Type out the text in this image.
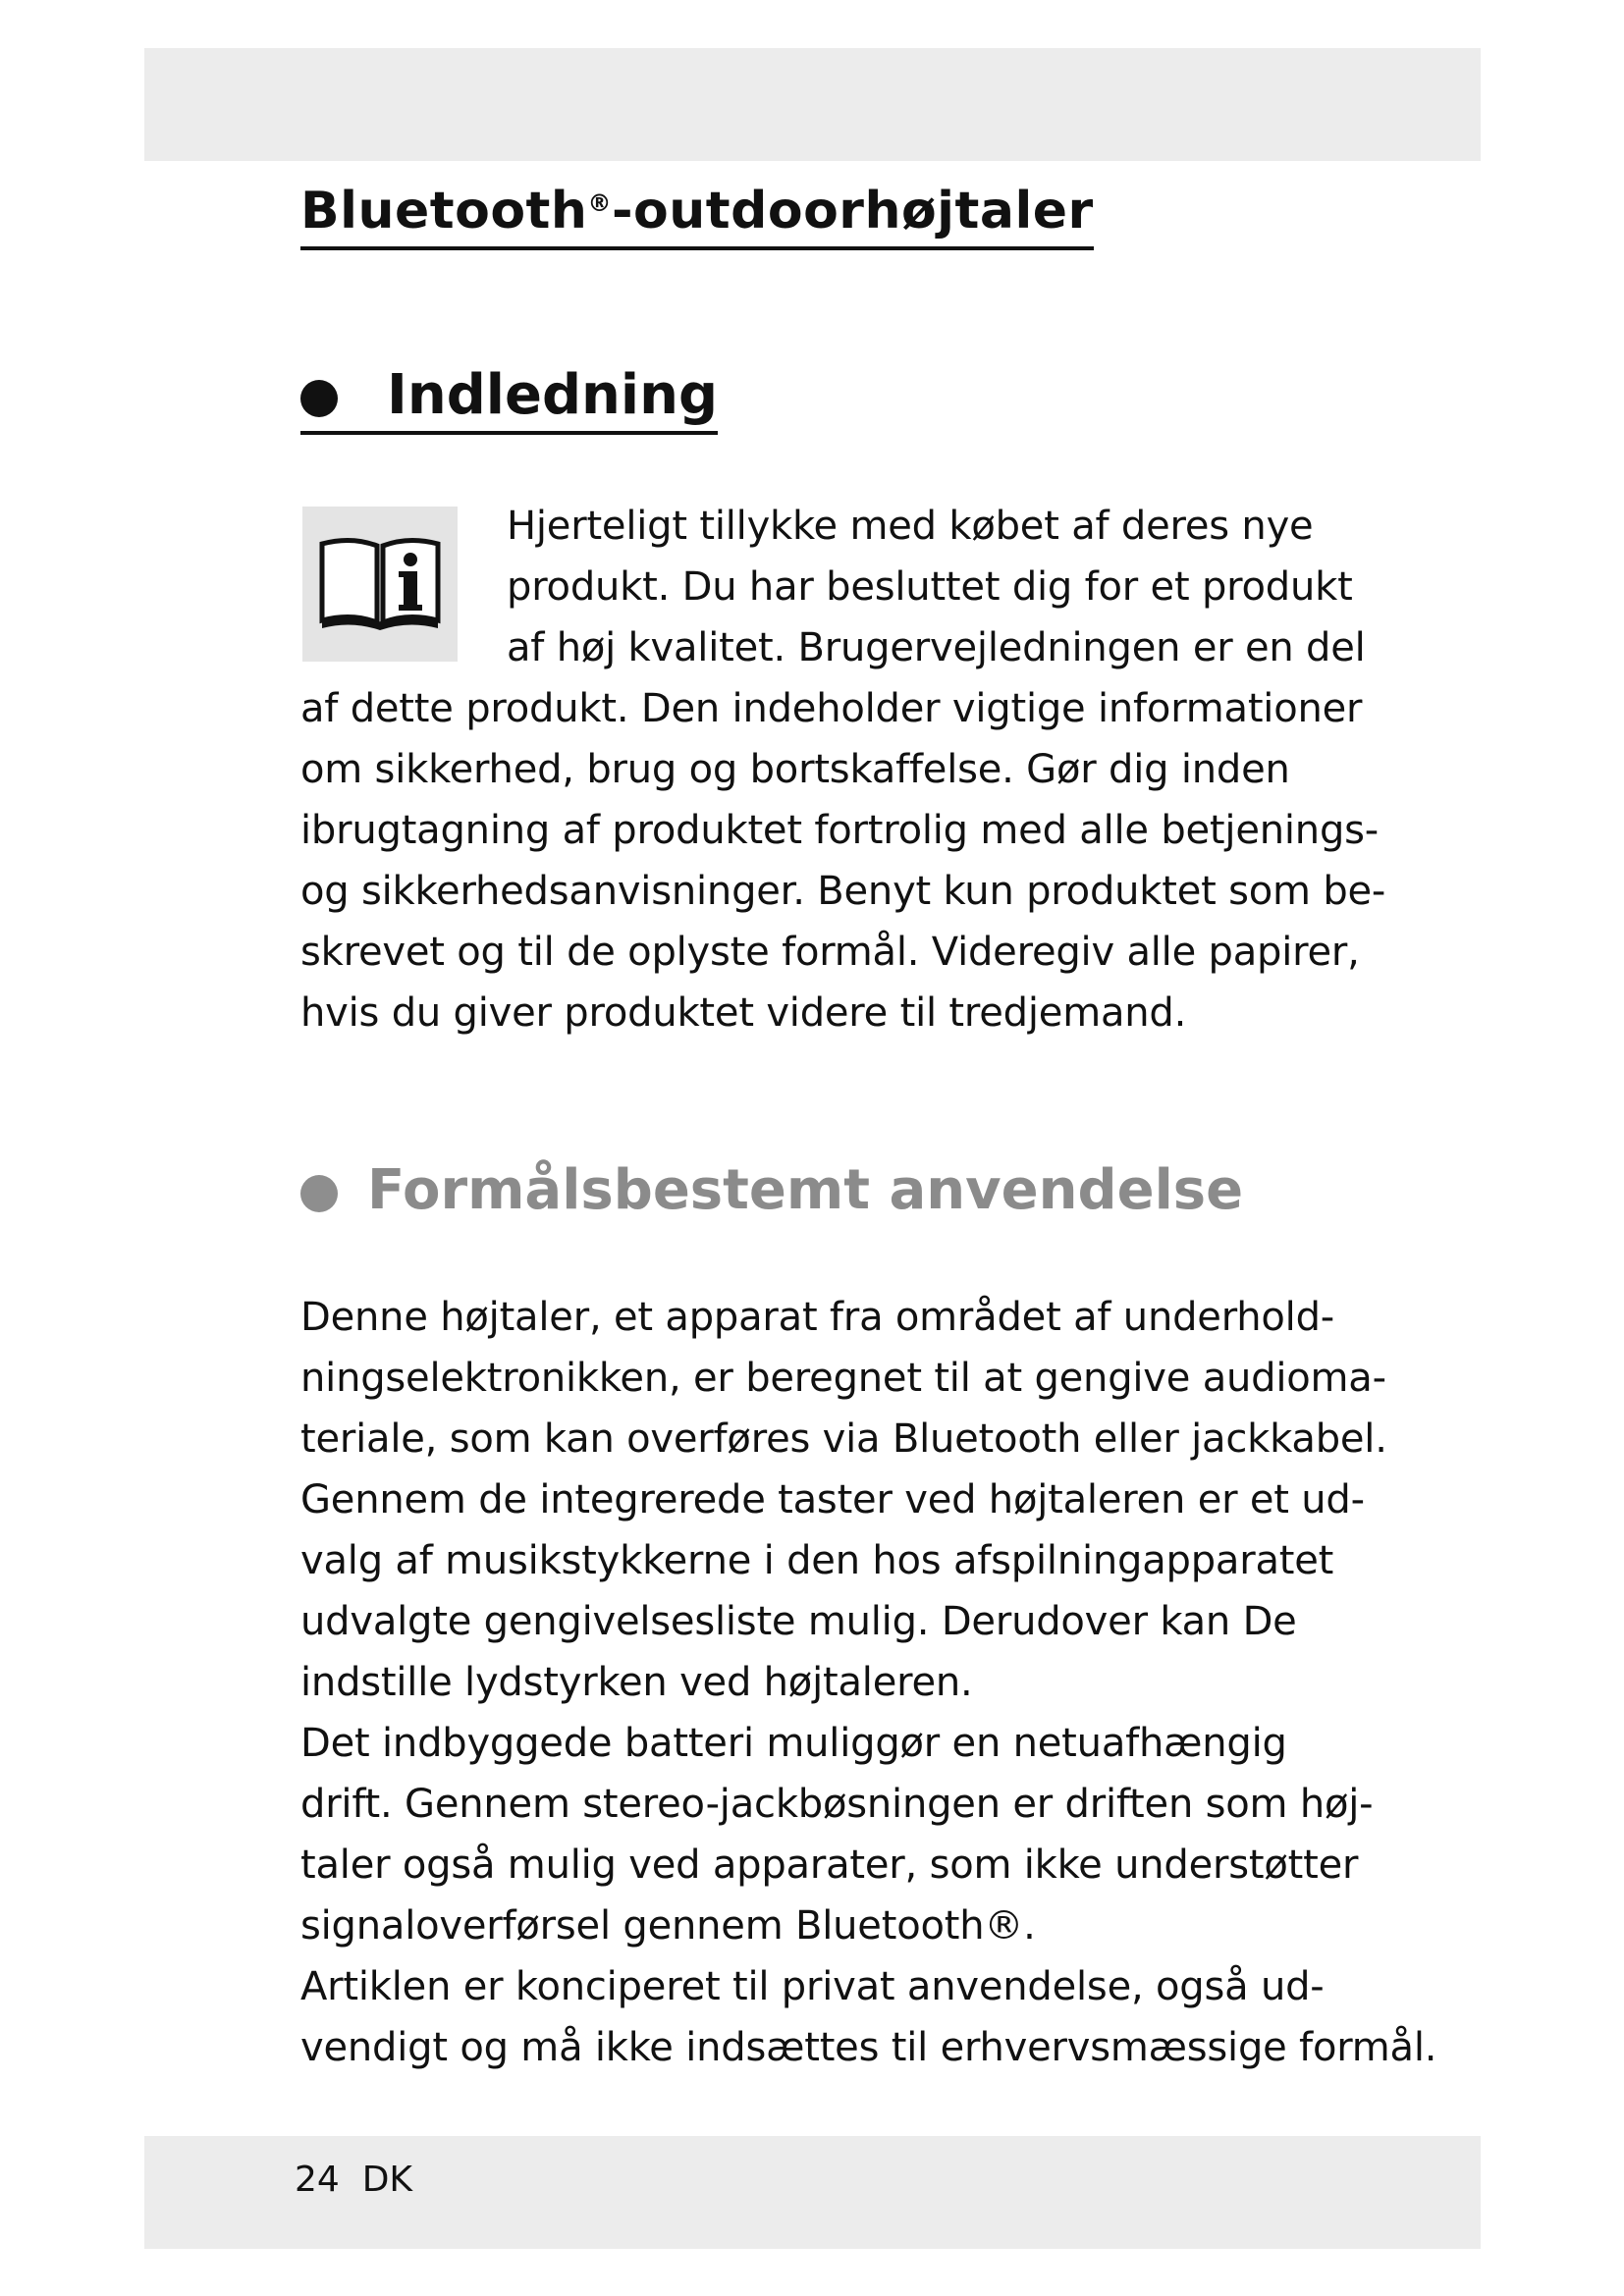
Bluetooth®-outdoorhøjtaler
Indledning
Hjerteligt tillykke med købet af deres nye
produkt. Du har besluttet dig for et produkt
af høj kvalitet. Brugervejledningen er en del
af dette produkt. Den indeholder vigtige informationer
om sikkerhed, brug og bortskaffelse. Gør dig inden
ibrugtagning af produktet fortrolig med alle betjenings-
og sikkerhedsanvisninger. Benyt kun produktet som be-
skrevet og til de oplyste formål. Videregiv alle papirer,
hvis du giver produktet videre til tredjemand.
Formålsbestemt anvendelse
Denne højtaler, et apparat fra området af underhold-
ningselektronikken, er beregnet til at gengive audioma-
teriale, som kan overføres via Bluetooth eller jackkabel.
Gennem de integrerede taster ved højtaleren er et ud-
valg af musikstykkerne i den hos afspilningapparatet
udvalgte gengivelsesliste mulig. Derudover kan De
indstille lydstyrken ved højtaleren.
Det indbyggede batteri muliggør en netuafhængig
drift. Gennem stereo-jackbøsningen er driften som høj-
taler også mulig ved apparater, som ikke understøtter
signaloverførsel gennem Bluetooth®.
Artiklen er konciperet til privat anvendelse, også ud-
vendigt og må ikke indsættes til erhvervsmæssige formål.
24 DK
